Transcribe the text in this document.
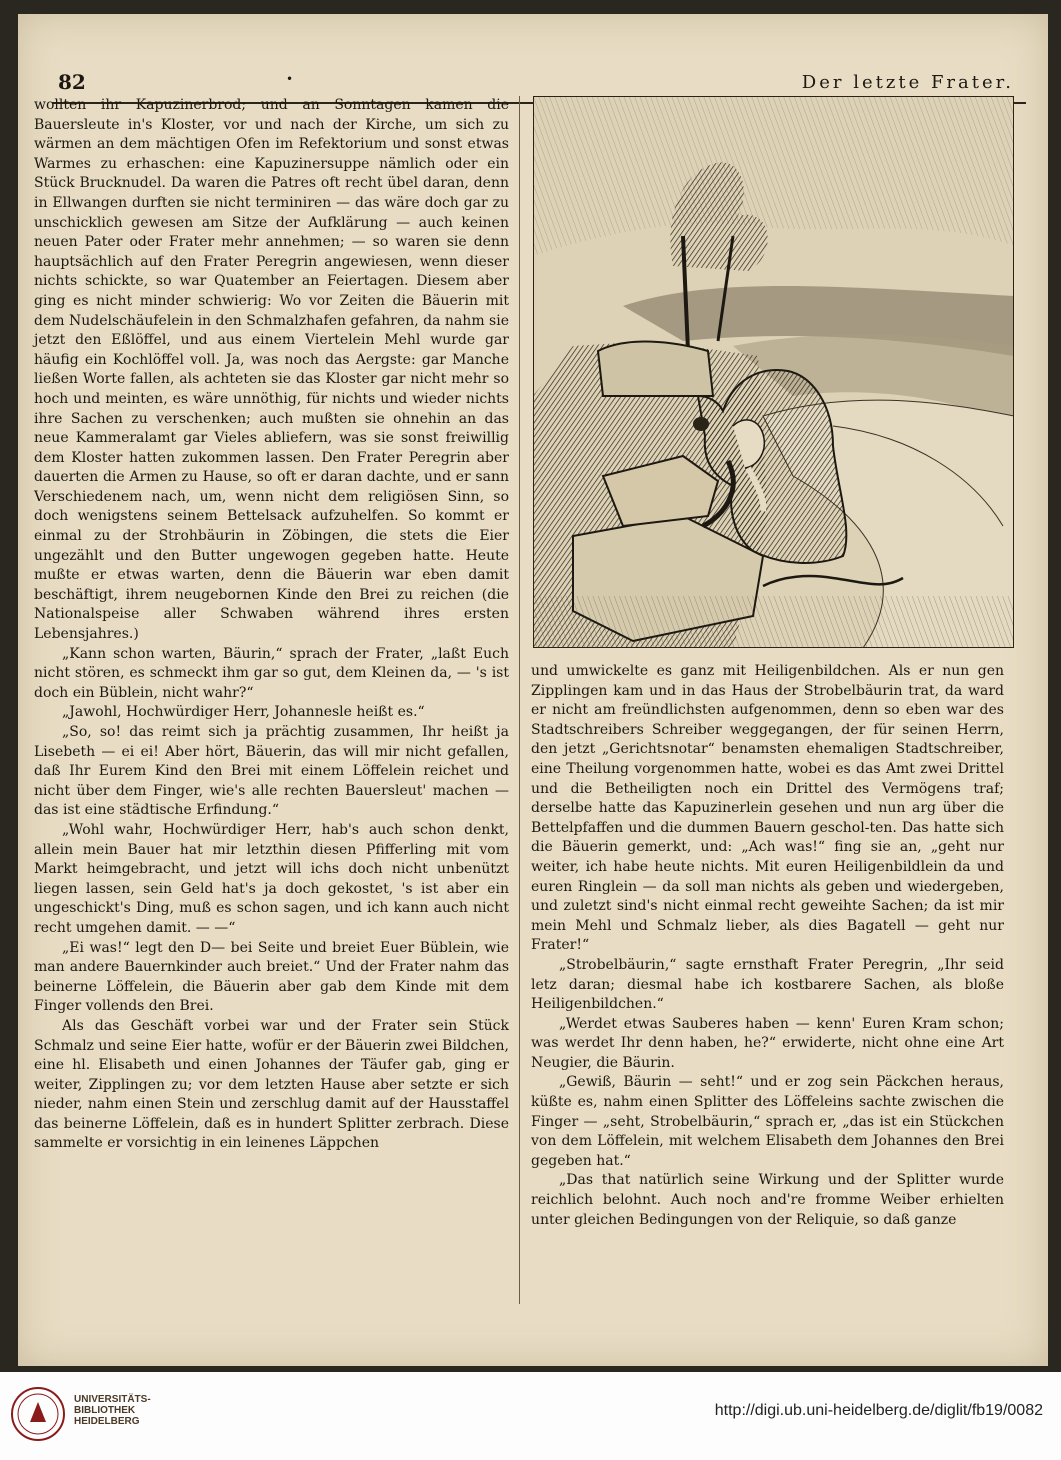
82	•	Der letzte Frater.

wollten ihr Kapuzinerbrod; und an Sonntagen kamen die Bauersleute in's Kloster, vor und nach der Kirche, um sich zu wärmen an dem mächtigen Ofen im Refektorium und sonst etwas Warmes zu erhaschen: eine Kapuzinersuppe nämlich oder ein Stück Brucknudel. Da waren die Patres oft recht übel daran, denn in Ellwangen durften sie nicht terminiren — das wäre doch gar zu unschicklich gewesen am Sitze der Aufklärung — auch keinen neuen Pater oder Frater mehr annehmen; — so waren sie denn hauptsächlich auf den Frater Peregrin angewiesen, wenn dieser nichts schickte, so war Quatember an Feiertagen. Diesem aber ging es nicht minder schwierig: Wo vor Zeiten die Bäuerin mit dem Nudelschäufelein in den Schmalzhafen gefahren, da nahm sie jetzt den Eßlöffel, und aus einem Viertelein Mehl wurde gar häufig ein Kochlöffel voll. Ja, was noch das Aergste: gar Manche ließen Worte fallen, als achteten sie das Kloster gar nicht mehr so hoch und meinten, es wäre unnöthig, für nichts und wieder nichts ihre Sachen zu verschenken; auch mußten sie ohnehin an das neue Kammeralamt gar Vieles abliefern, was sie sonst freiwillig dem Kloster hatten zukommen lassen. Den Frater Peregrin aber dauerten die Armen zu Hause, so oft er daran dachte, und er sann Verschiedenem nach, um, wenn nicht dem religiösen Sinn, so doch wenigstens seinem Bettelsack aufzuhelfen. So kommt er einmal zu der Strohbäurin in Zöbingen, die stets die Eier ungezählt und den Butter ungewogen gegeben hatte. Heute mußte er etwas warten, denn die Bäuerin war eben damit beschäftigt, ihrem neugebornen Kinde den Brei zu reichen (die Nationalspeise aller Schwaben während ihres ersten Lebensjahres.)

„Kann schon warten, Bäurin,“ sprach der Frater, „laßt Euch nicht stören, es schmeckt ihm gar so gut, dem Kleinen da, — 's ist doch ein Büblein, nicht wahr?“

„Jawohl, Hochwürdiger Herr, Johannesle heißt es.“

„So, so! das reimt sich ja prächtig zusammen, Ihr heißt ja Lisebeth — ei ei! Aber hört, Bäuerin, das will mir nicht gefallen, daß Ihr Eurem Kind den Brei mit einem Löffelein reichet und nicht über dem Finger, wie's alle rechten Bauersleut' machen — das ist eine städtische Erfindung.“

„Wohl wahr, Hochwürdiger Herr, hab's auch schon denkt, allein mein Bauer hat mir letzthin diesen Pfifferling mit vom Markt heimgebracht, und jetzt will ichs doch nicht unbenützt liegen lassen, sein Geld hat's ja doch gekostet, 's ist aber ein ungeschickt's Ding, muß es schon sagen, und ich kann auch nicht recht umgehen damit. — —“

„Ei was!“ legt den D— bei Seite und breiet Euer Büblein, wie man andere Bauernkinder auch breiet.“ Und der Frater nahm das beinerne Löffelein, die Bäuerin aber gab dem Kinde mit dem Finger vollends den Brei.

Als das Geschäft vorbei war und der Frater sein Stück Schmalz und seine Eier hatte, wofür er der Bäuerin zwei Bildchen, eine hl. Elisabeth und einen Johannes der Täufer gab, ging er weiter, Zipplingen zu; vor dem letzten Hause aber setzte er sich nieder, nahm einen Stein und zerschlug damit auf der Hausstaffel das beinerne Löffelein, daß es in hundert Splitter zerbrach. Diese sammelte er vorsichtig in ein leinenes Läppchen

und umwickelte es ganz mit Heiligenbildchen. Als er nun gen Zipplingen kam und in das Haus der Strobelbäurin trat, da ward er nicht am freündlichsten aufgenommen, denn so eben war des Stadtschreibers Schreiber weggegangen, der für seinen Herrn, den jetzt „Gerichtsnotar“ benamsten ehemaligen Stadtschreiber, eine Theilung vorgenommen hatte, wobei es das Amt zwei Drittel und die Betheiligten noch ein Drittel des Vermögens traf; derselbe hatte das Kapuzinerlein gesehen und nun arg über die Bettelpfaffen und die dummen Bauern geschol-ten. Das hatte sich die Bäuerin gemerkt, und: „Ach was!“ fing sie an, „geht nur weiter, ich habe heute nichts. Mit euren Heiligenbildlein da und euren Ringlein — da soll man nichts als geben und wiedergeben, und zuletzt sind's nicht einmal recht geweihte Sachen; da ist mir mein Mehl und Schmalz lieber, als dies Bagatell — geht nur Frater!“

„Strobelbäurin,“ sagte ernsthaft Frater Peregrin, „Ihr seid letz daran; diesmal habe ich kostbarere Sachen, als bloße Heiligenbildchen.“

„Werdet etwas Sauberes haben — kenn' Euren Kram schon; was werdet Ihr denn haben, he?“ erwiderte, nicht ohne eine Art Neugier, die Bäurin.

„Gewiß, Bäurin — seht!“ und er zog sein Päckchen heraus, küßte es, nahm einen Splitter des Löffeleins sachte zwischen die Finger — „seht, Strobelbäurin,“ sprach er, „das ist ein Stückchen von dem Löffelein, mit welchem Elisabeth dem Johannes den Brei gegeben hat.“

„Das that natürlich seine Wirkung und der Splitter wurde reichlich belohnt. Auch noch and're fromme Weiber erhielten unter gleichen Bedingungen von der Reliquie, so daß ganze

UNIVERSITÄTS-
BIBLIOTHEK
HEIDELBERG
http://digi.ub.uni-heidelberg.de/diglit/fb19/0082
